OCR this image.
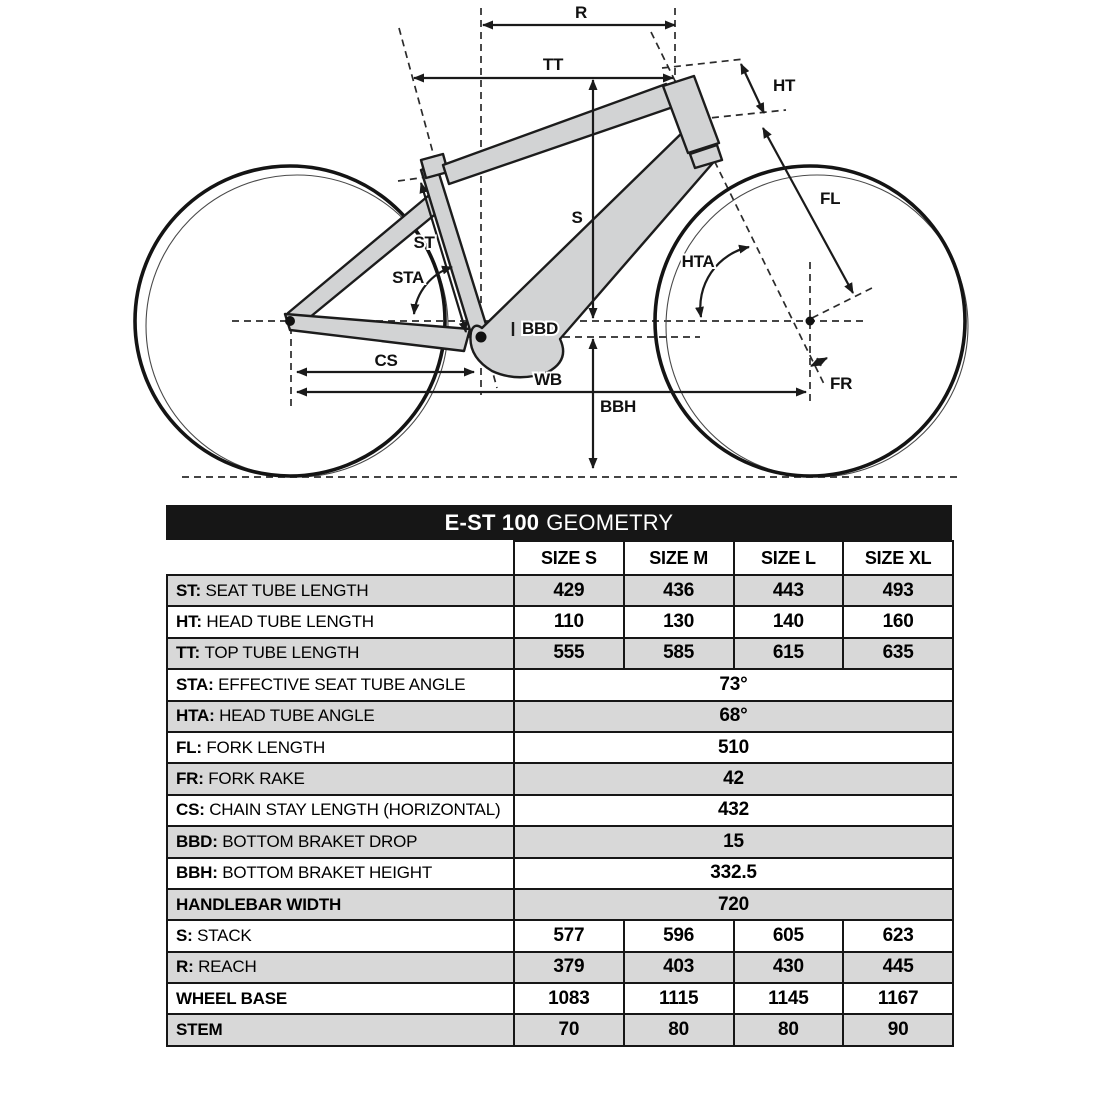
R
TT
HT
S
ST
STA
HTA
FL
BBD
CS
WB
BBH
FR
E-ST 100 GEOMETRY
	SIZE S	SIZE M	SIZE L	SIZE XL
ST: SEAT TUBE LENGTH	429	436	443	493
HT: HEAD TUBE LENGTH	110	130	140	160
TT: TOP TUBE LENGTH	555	585	615	635
STA: EFFECTIVE SEAT TUBE ANGLE	73°			
HTA: HEAD TUBE ANGLE	68°			
FL: FORK LENGTH	510			
FR: FORK RAKE	42			
CS: CHAIN STAY LENGTH (HORIZONTAL)	432			
BBD: BOTTOM BRAKET DROP	15			
BBH: BOTTOM BRAKET HEIGHT	332.5			
HANDLEBAR WIDTH	720			
S: STACK	577	596	605	623
R: REACH	379	403	430	445
WHEEL BASE	1083	1115	1145	1167
STEM	70	80	80	90
